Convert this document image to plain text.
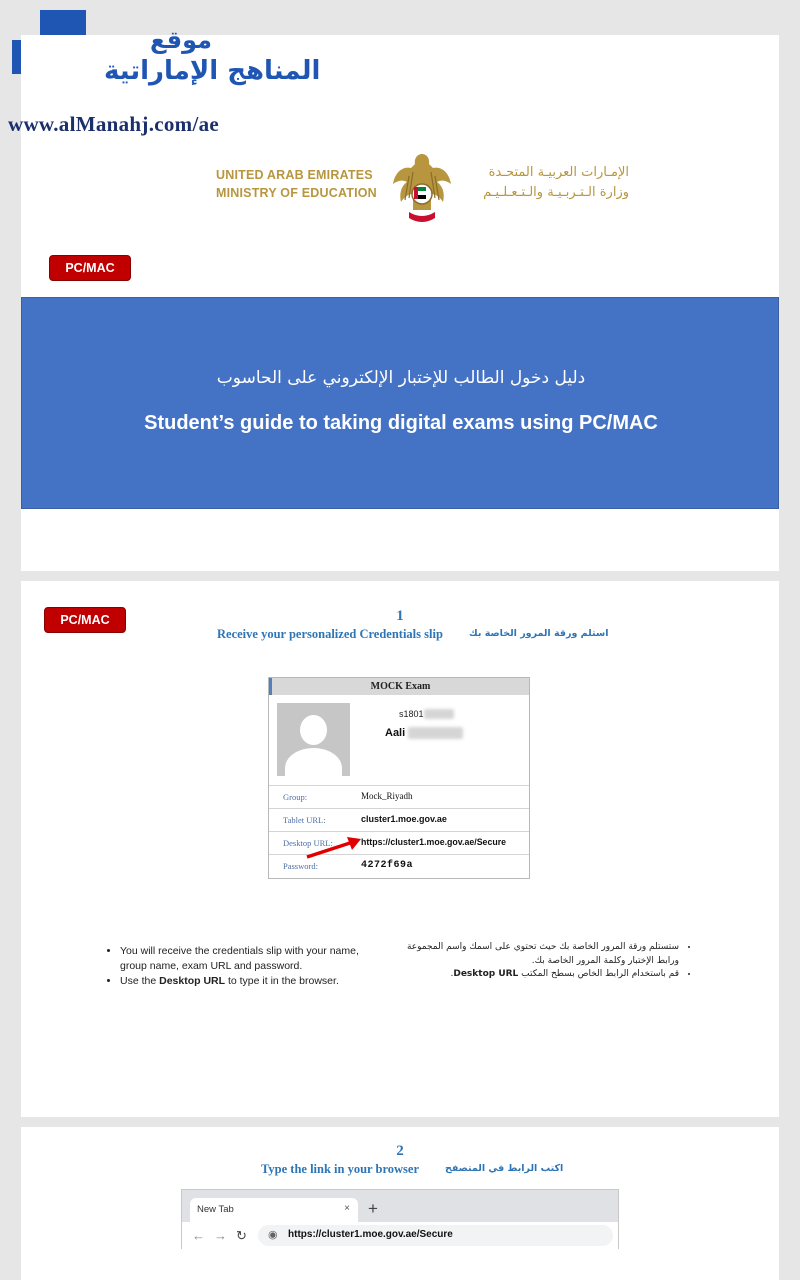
UNITED ARAB EMIRATES
MINISTRY OF EDUCATION
الإمـارات العربيـة المتحـدة
وزارة الـتـربـيـة والـتـعـلـيـم
PC/MAC
دليل دخول الطالب للإختبار الإلكتروني على الحاسوب
Student’s guide to taking digital exams using PC/MAC
PC/MAC	1
Receive your personalized Credentials slip	استلم ورقة المرور الخاصة بك
MOCK Exam
s1801
Aali
Group:	Mock_Riyadh
Tablet URL:	cluster1.moe.gov.ae
Desktop URL:	https://cluster1.moe.gov.ae/Secure
Password:	4272f69a
• You will receive the credentials slip with your name, group name, exam URL and password.
• Use the Desktop URL to type it in the browser.
• ستستلم ورقة المرور الخاصة بك حيث تحتوي على اسمك واسم المجموعة ورابط الإختبار وكلمة المرور الخاصة بك.
• قم باستخدام الرابط الخاص بسطح المكتب Desktop URL.
2
Type the link in your browser	اكتب الرابط في المتصفح
New Tab	× +
← → ↻ ◉ https://cluster1.moe.gov.ae/Secure
موقع
المناهج الإماراتية
www.alManahj.com/ae
